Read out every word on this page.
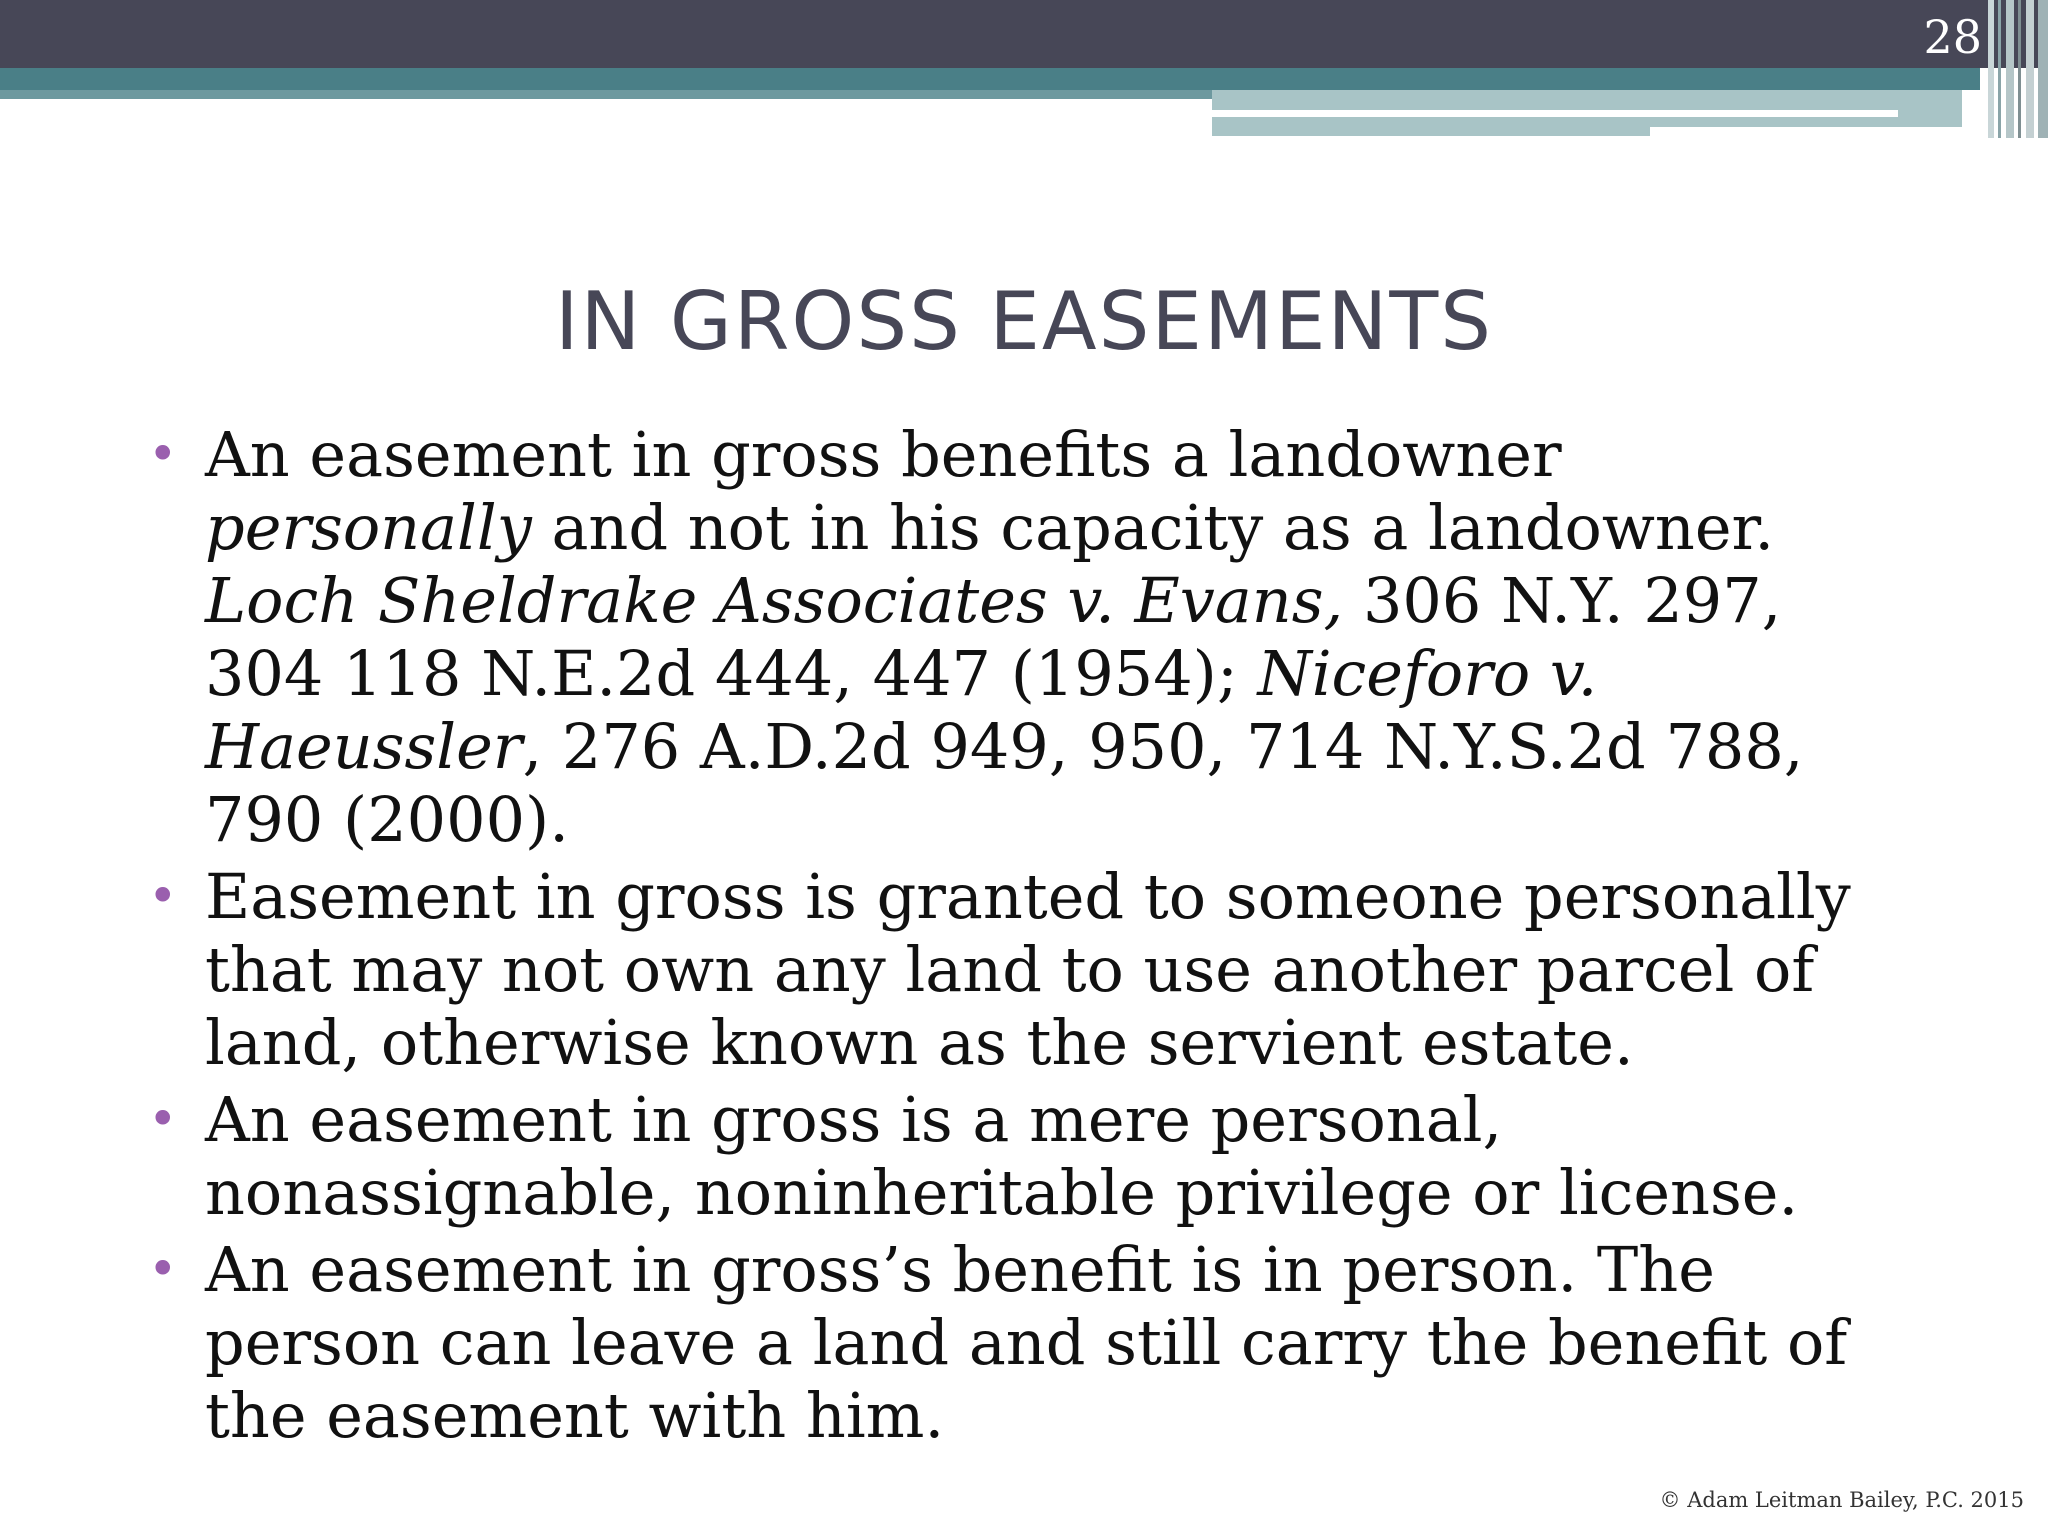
28
IN GROSS EASEMENTS
• An easement in gross benefits a landowner personally and not in his capacity as a landowner. Loch Sheldrake Associates v. Evans, 306 N.Y. 297, 304 118 N.E.2d 444, 447 (1954); Niceforo v. Haeussler, 276 A.D.2d 949, 950, 714 N.Y.S.2d 788, 790 (2000).
• Easement in gross is granted to someone personally that may not own any land to use another parcel of land, otherwise known as the servient estate.
• An easement in gross is a mere personal, nonassignable, noninheritable privilege or license.
• An easement in gross’s benefit is in person. The person can leave a land and still carry the benefit of the easement with him.
© Adam Leitman Bailey, P.C. 2015
